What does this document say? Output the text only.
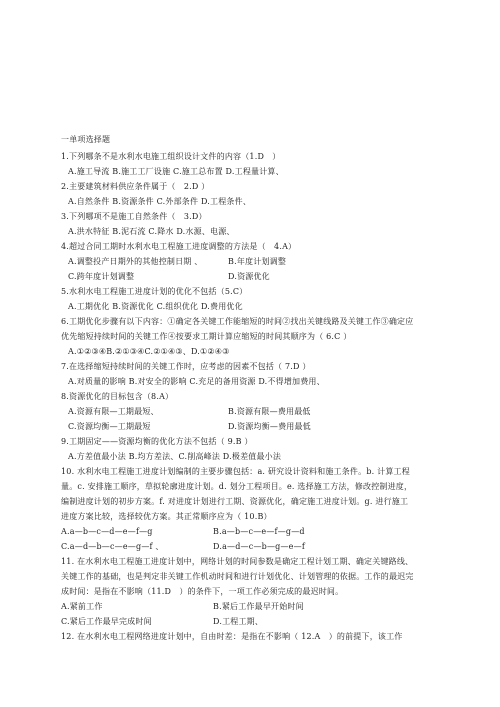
一单项选择题
1.下列哪条不是水利水电施工组织设计文件的内容（1.D　）
A.施工导流 B.施工工厂设施 C.施工总布置 D.工程量计算、
2.主要建筑材料供应条件属于（　2.D ）
A.自然条件 B.资源条件 C.外部条件 D.工程条件、
3.下列哪项不是施工自然条件（　3.D）
A.洪水特征 B.泥石流 C.降水 D.水源、电源、
4.超过合同工期时水利水电工程施工进度调整的方法是（　4.A）
A.调整投产日期外的其他控制日期 、	B.年度计划调整
C.跨年度计划调整	D.资源优化
5.水利水电工程施工进度计划的优化不包括（5.C）
A.工期优化 B.资源优化 C.组织优化 D.费用优化
6.工期优化步骤有以下内容：①确定各关键工作能缩短的时间②找出关键线路及关键工作③确定应
优先缩短持续时间的关键工作④按要求工期计算应缩短的时间其顺序为（ 6.C ）
A.①②③④B.②①③④C.②①④③、D.①②④③
7.在选择缩短持续时间的关键工作时，应考虑的因素不包括（ 7.D ）
A.对质量的影响 B.对安全的影响 C.充足的备用资源 D.不得增加费用、
8.资源优化的目标包含（8.A）
A.资源有限—工期最短、	B.资源有限—费用最低
C.资源均衡—工期最短	D.资源均衡—费用最低
9.工期固定——资源均衡的优化方法不包括（ 9.B ）
A.方差值最小法 B.均方差法、C.削高峰法 D.极差值最小法
10. 水利水电工程施工进度计划编制的主要步骤包括：a. 研究设计资料和施工条件。b. 计算工程
量。c. 安排施工顺序，草拟轮廓进度计划。d. 划分工程项目。e. 选择施工方法，修改控制进度，
编制进度计划的初步方案。f. 对进度计划进行工期、资源优化，确定施工进度计划。g. 进行施工
进度方案比较，选择较优方案。其正常顺序应为（ 10.B）
A.a—b—c—d—e—f—g	B.a—b—c—e—f—g—d
C.a—d—b—c—e—g—f 、	D.a—d—c—b—g—e—f
11. 在水利水电工程施工进度计划中，网络计划的时间参数是确定工程计划工期、确定关键路线、
关键工作的基础，也是判定非关键工作机动时间和进行计划优化、计划管理的依据。工作的最迟完
成时间：是指在不影响（11.D　）的条件下，一项工作必须完成的最迟时间。
A.紧前工作	B.紧后工作最早开始时间
C.紧后工作最早完成时间	D.工程工期、
12. 在水利水电工程网络进度计划中，自由时差：是指在不影响（ 12.A　）的前提下，该工作
